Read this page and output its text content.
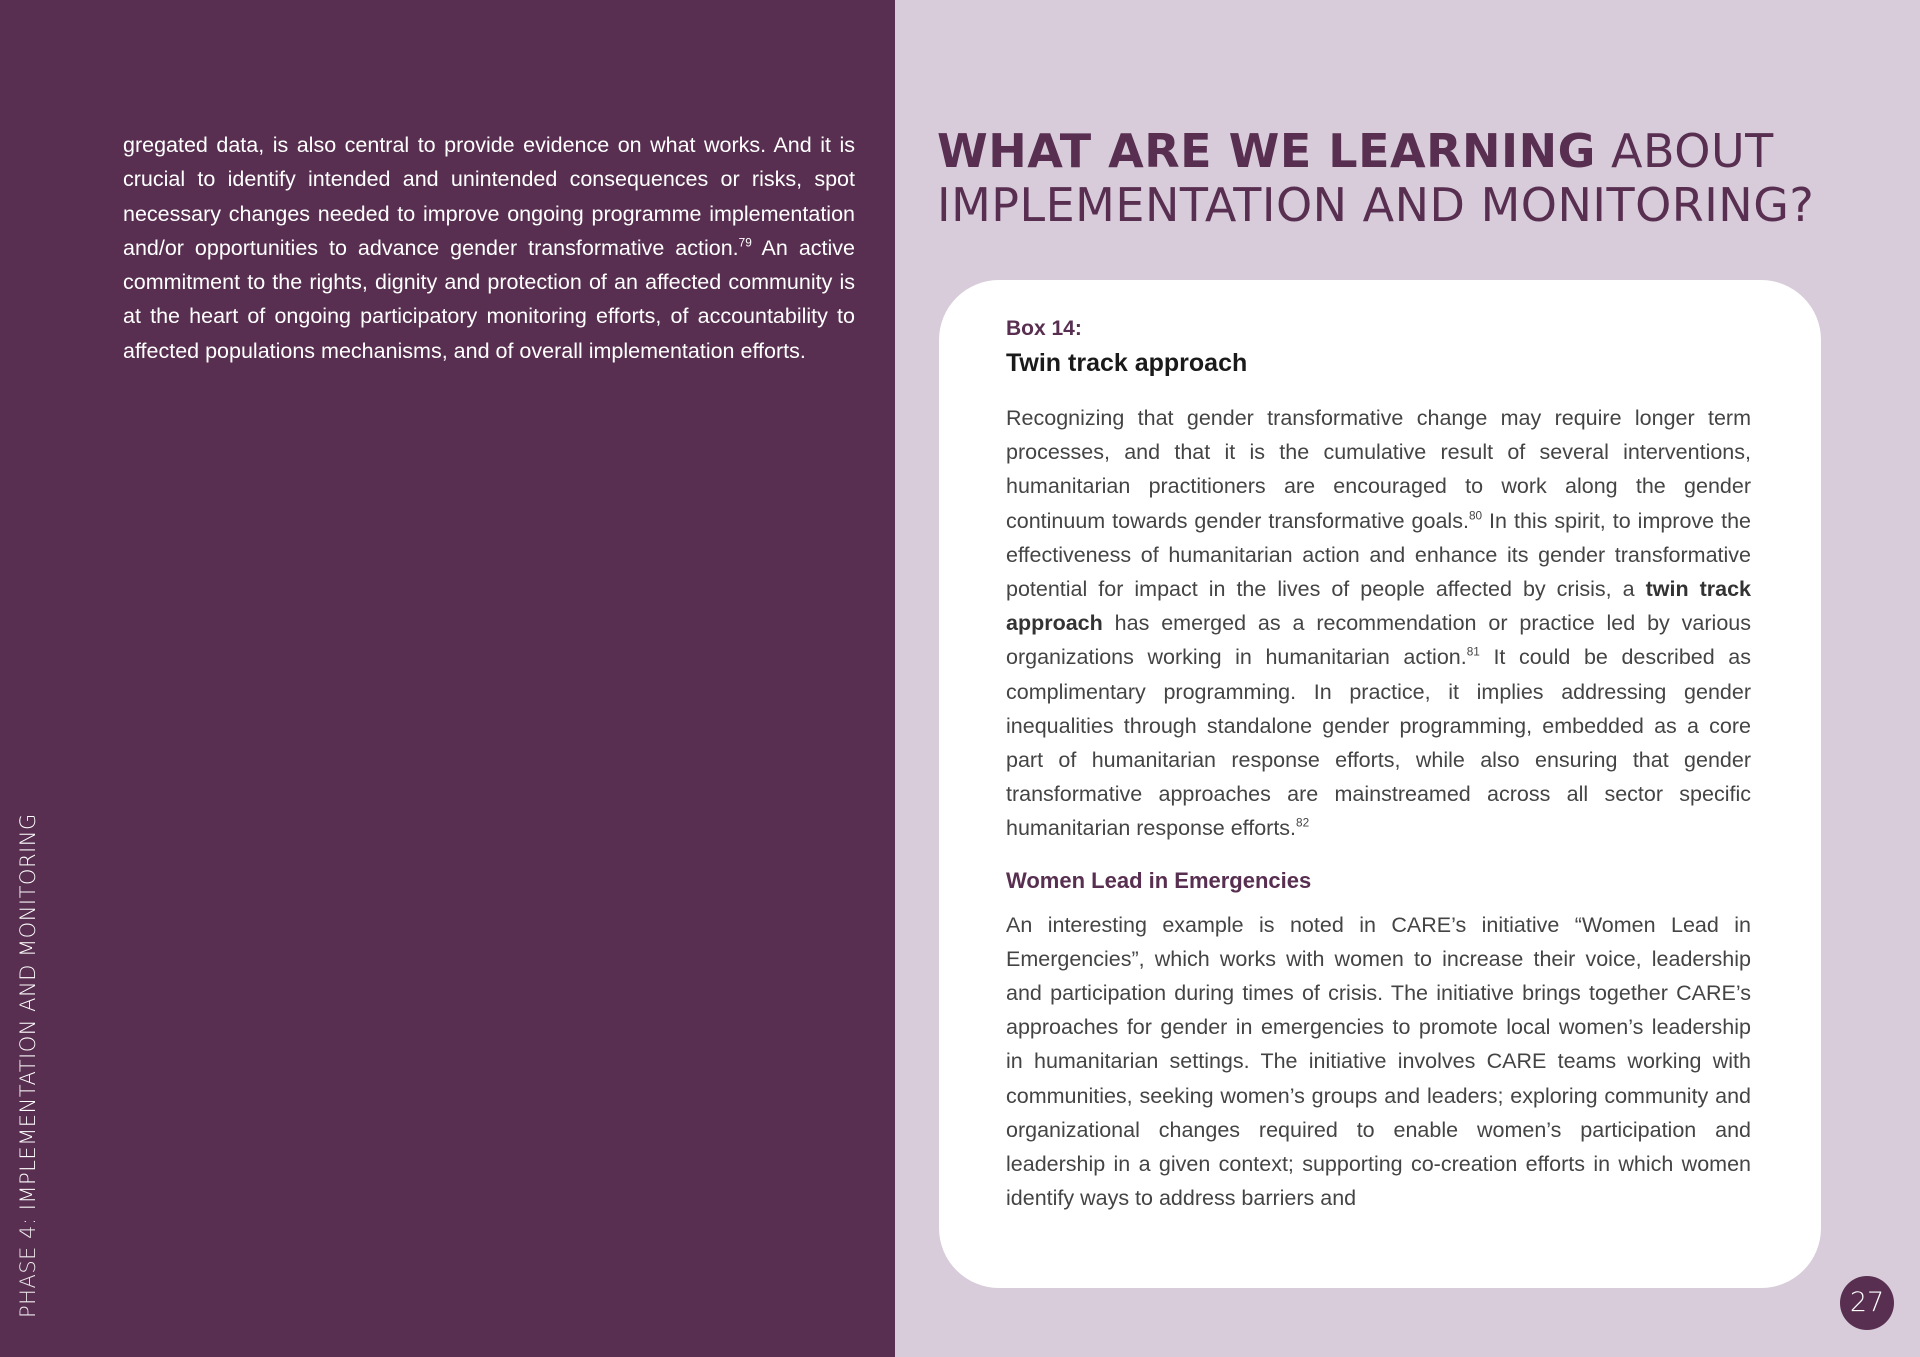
gregated data, is also central to provide evidence on what works. And it is crucial to identify intended and unintended consequences or risks, spot necessary changes needed to improve ongoing programme implementation and/or opportunities to advance gender transformative action.$^{79}$ An active commitment to the rights, dignity and protection of an affected community is at the heart of ongoing participatory monitoring efforts, of accountability to affected populations mechanisms, and of overall implementation efforts.
PHASE 4: IMPLEMENTATION AND MONITORING
WHAT ARE WE LEARNING ABOUT
IMPLEMENTATION AND MONITORING?
Box 14:
Twin track approach
Recognizing that gender transformative change may require longer term processes, and that it is the cumulative result of several interventions, humanitarian practitioners are encouraged to work along the gender continuum towards gender transformative goals.$^{80}$ In this spirit, to improve the effectiveness of humanitarian action and enhance its gender transformative potential for impact in the lives of people affected by crisis, a twin track approach has emerged as a recommendation or practice led by various organizations working in humanitarian action.$^{81}$ It could be described as complimentary programming. In practice, it implies addressing gender inequalities through standalone gender programming, embedded as a core part of humanitarian response efforts, while also ensuring that gender transformative approaches are mainstreamed across all sector specific humanitarian response efforts.$^{82}$
Women Lead in Emergencies
An interesting example is noted in CARE’s initiative “Women Lead in Emergencies”, which works with women to increase their voice, leadership and participation during times of crisis. The initiative brings together CARE’s approaches for gender in emergencies to promote local women’s leadership in humanitarian settings. The initiative involves CARE teams working with communities, seeking women’s groups and leaders; exploring community and organizational changes required to enable women’s participation and leadership in a given context; supporting co-creation efforts in which women identify ways to address barriers and
27
